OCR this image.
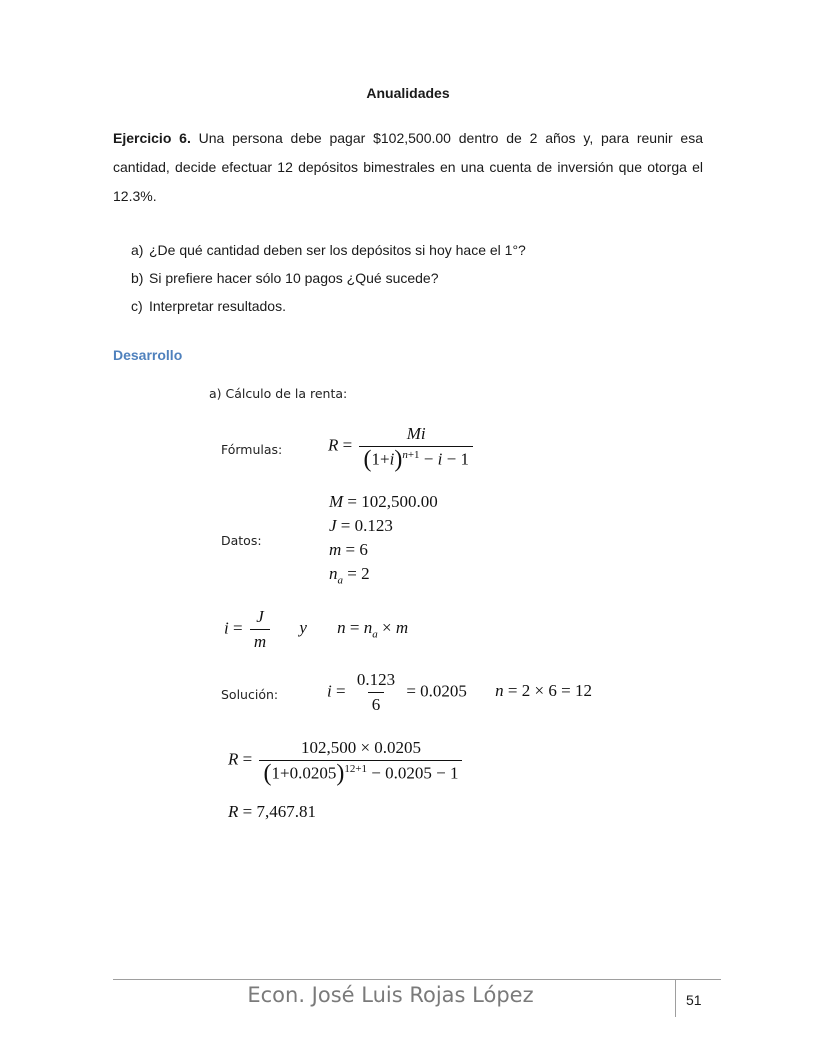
Anualidades
Ejercicio 6. Una persona debe pagar $102,500.00 dentro de 2 años y, para reunir esa cantidad, decide efectuar 12 depósitos bimestrales en una cuenta de inversión que otorga el 12.3%.
a) ¿De qué cantidad deben ser los depósitos si hoy hace el 1°?
b) Si prefiere hacer sólo 10 pagos ¿Qué sucede?
c) Interpretar resultados.
Desarrollo
a) Cálculo de la renta:
Fórmulas:	$R = \frac{Mi}{(1+i)^{n+1} - i - 1}$
Datos:
M = 102,500.00
J = 0.123
m = 6
$n_a = 2$
$i = \frac{J}{m}$ y $n = n_a \times m$
Solución:	$i = \frac{0.123}{6} = 0.0205$ n = 2 × 6 = 12
$R = \frac{102,500 \times 0.0205}{(1+0.0205)^{12+1} - 0.0205 - 1}$
R = 7,467.81
Econ. José Luis Rojas López	51
